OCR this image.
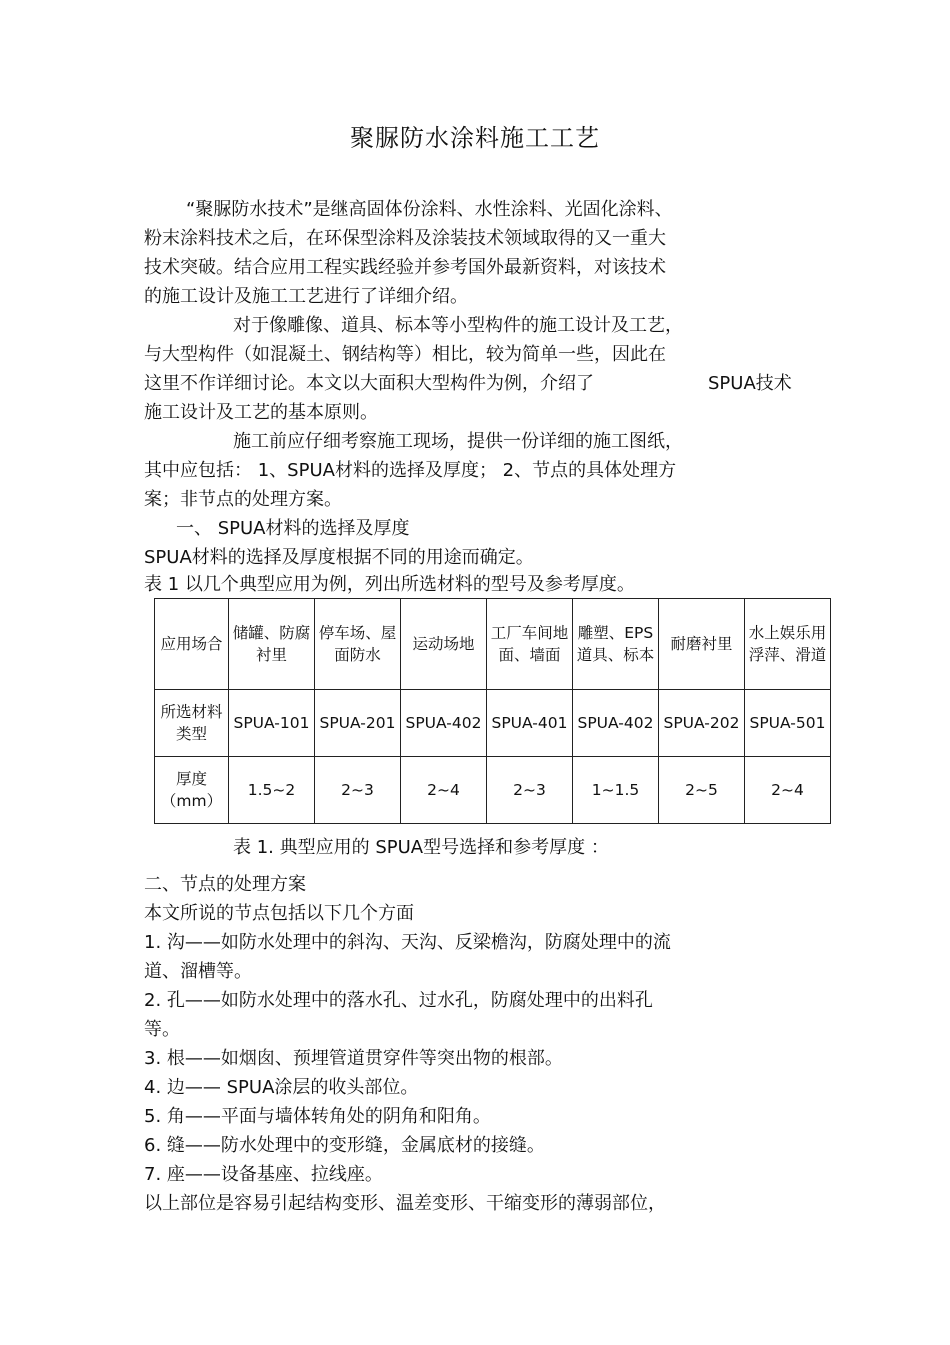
聚脲防水涂料施工工艺
“聚脲防水技术”是继高固体份涂料、水性涂料、光固化涂料、
粉末涂料技术之后，在环保型涂料及涂装技术领域取得的又一重大
技术突破。结合应用工程实践经验并参考国外最新资料，对该技术
的施工设计及施工工艺进行了详细介绍。
对于像雕像、道具、标本等小型构件的施工设计及工艺，
与大型构件（如混凝土、钢结构等）相比，较为简单一些，因此在
这里不作详细讨论。本文以大面积大型构件为例，介绍了	SPUA技术
施工设计及工艺的基本原则。
施工前应仔细考察施工现场，提供一份详细的施工图纸，
其中应包括： 1、SPUA材料的选择及厚度； 2、节点的具体处理方
案；非节点的处理方案。
一、 SPUA材料的选择及厚度
SPUA材料的选择及厚度根据不同的用途而确定。
表 1 以几个典型应用为例，列出所选材料的型号及参考厚度。
应用场合	储罐、防腐衬里	停车场、屋面防水	运动场地	工厂车间地面、墙面	雕塑、EPS道具、标本	耐磨衬里	水上娱乐用浮萍、滑道
所选材料类型	SPUA-101	SPUA-201	SPUA-402	SPUA-401	SPUA-402	SPUA-202	SPUA-501
厚度（mm）	1.5~2	2~3	2~4	2~3	1~1.5	2~5	2~4
表 1. 典型应用的 SPUA型号选择和参考厚度 ：
二、节点的处理方案
本文所说的节点包括以下几个方面
1. 沟——如防水处理中的斜沟、天沟、反梁檐沟，防腐处理中的流
道、溜槽等。
2. 孔——如防水处理中的落水孔、过水孔，防腐处理中的出料孔
等。
3. 根——如烟囱、预埋管道贯穿件等突出物的根部。
4. 边—— SPUA涂层的收头部位。
5. 角——平面与墙体转角处的阴角和阳角。
6. 缝——防水处理中的变形缝，金属底材的接缝。
7. 座——设备基座、拉线座。
以上部位是容易引起结构变形、温差变形、干缩变形的薄弱部位，
